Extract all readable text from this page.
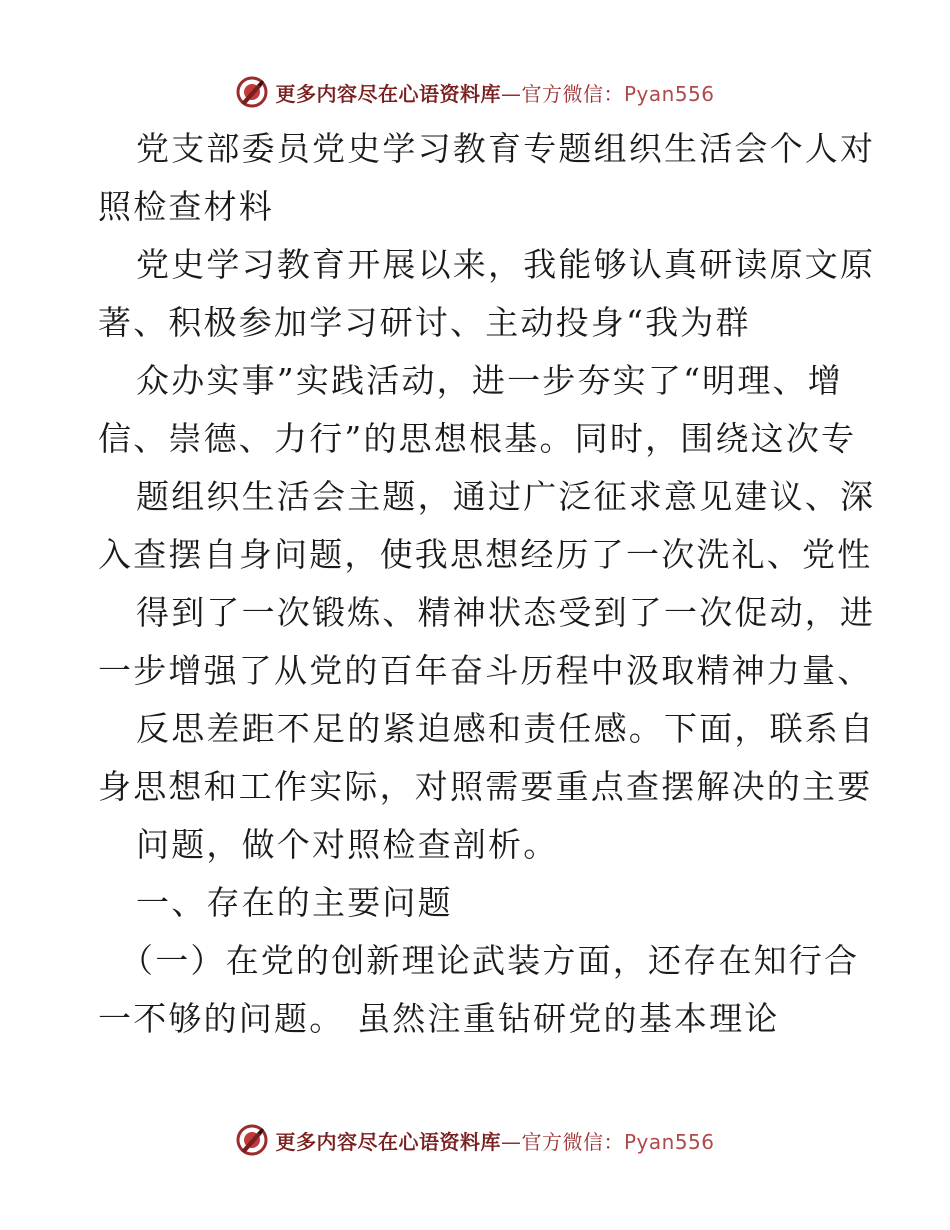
更多内容尽在心语资料库—官方微信：Pyan556
党支部委员党史学习教育专题组织生活会个人对
照检查材料
党史学习教育开展以来，我能够认真研读原文原
著、积极参加学习研讨、主动投身“我为群
众办实事”实践活动，进一步夯实了“明理、增
信、崇德、力行”的思想根基。同时，围绕这次专
题组织生活会主题，通过广泛征求意见建议、深
入查摆自身问题，使我思想经历了一次洗礼、党性
得到了一次锻炼、精神状态受到了一次促动，进
一步增强了从党的百年奋斗历程中汲取精神力量、
反思差距不足的紧迫感和责任感。下面，联系自
身思想和工作实际，对照需要重点查摆解决的主要
问题，做个对照检查剖析。
一、存在的主要问题
（一）在党的创新理论武装方面，还存在知行合
一不够的问题。 虽然注重钻研党的基本理论
更多内容尽在心语资料库—官方微信：Pyan556
